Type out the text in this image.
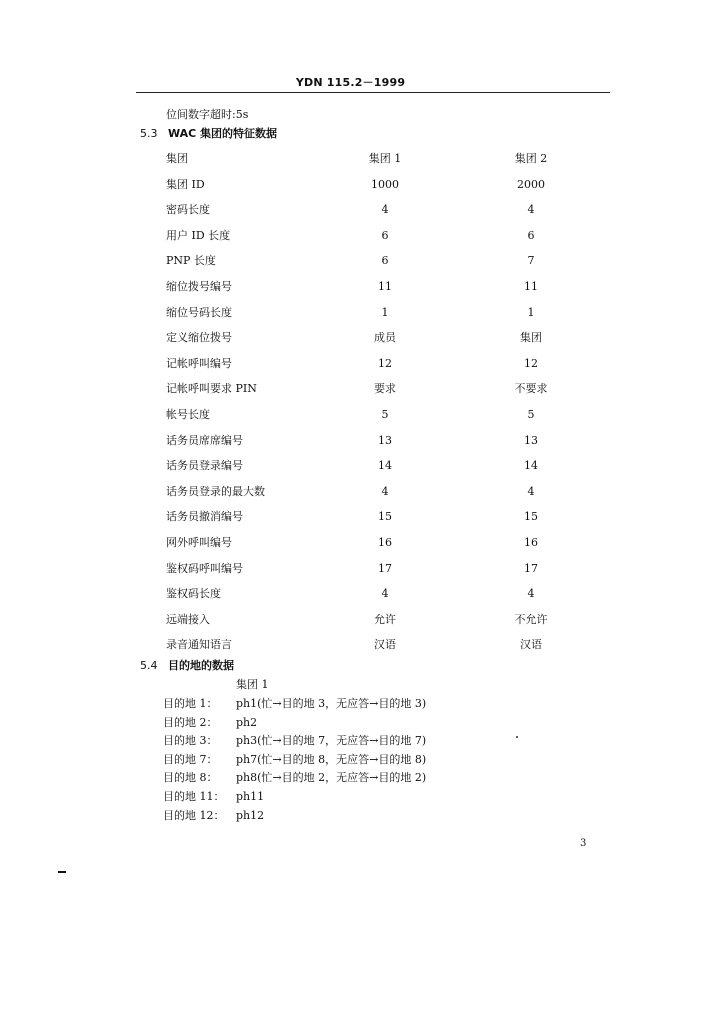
YDN 115.2－1999
位间数字超时:5s
5.3 WAC 集团的特征数据
集团	集团 1	集团 2
集团 ID	1000	2000
密码长度	4	4
用户 ID 长度	6	6
PNP 长度	6	7
缩位拨号编号	11	11
缩位号码长度	1	1
定义缩位拨号	成员	集团
记帐呼叫编号	12	12
记帐呼叫要求 PIN	要求	不要求
帐号长度	5	5
话务员席席编号	13	13
话务员登录编号	14	14
话务员登录的最大数	4	4
话务员撤消编号	15	15
网外呼叫编号	16	16
鉴权码呼叫编号	17	17
鉴权码长度	4	4
远端接入	允许	不允许
录音通知语言	汉语	汉语
5.4 目的地的数据
集团 1
目的地 1： ph1(忙→目的地 3，无应答→目的地 3)
目的地 2： ph2
目的地 3： ph3(忙→目的地 7，无应答→目的地 7)
目的地 7： ph7(忙→目的地 8，无应答→目的地 8)
目的地 8： ph8(忙→目的地 2，无应答→目的地 2)
目的地 11： ph11
目的地 12： ph12
3
